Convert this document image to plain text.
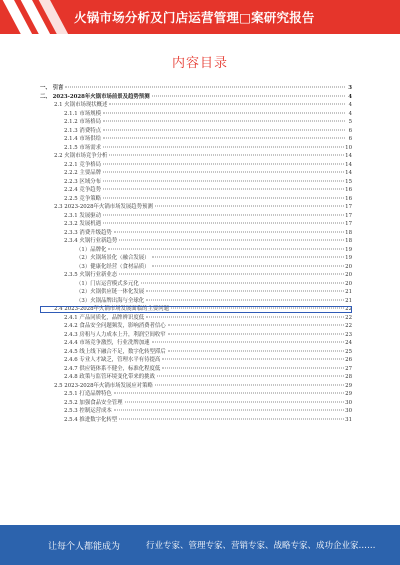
火锅市场分析及门店运营管理□案研究报告
内容目录
一、 引言	3
二、 2023-2028年火锅市场前景及趋势预测	4
2.1 火锅市场现状概述	4
2.1.1 市场规模	4
2.1.2 市场格局	5
2.1.3 消费特点	6
2.1.4 市场供给	6
2.1.5 市场需求	10
2.2 火锅市场竞争分析	14
2.2.1 竞争格局	14
2.2.2 主要品牌	14
2.2.3 区域分布	15
2.2.4 竞争趋势	16
2.2.5 竞争策略	16
2.3 2023-2028年火锅市场发展趋势预测	17
2.3.1 发展驱动	17
2.3.2 发展机遇	17
2.3.3 消费升级趋势	18
2.3.4 火锅行业新趋势	18
（1）品牌化	19
（2）火锅场景化（融合发展）	19
（3）健康化经营（食材品质）	20
2.3.5 火锅行业新业态	20
（1）门店运营模式多元化	20
（2）火锅供应链一体化发展	21
（3）火锅品牌出海与全球化	21
2.4 2023-2028年火锅市场发展面临的主要问题	22
2.4.1 产品同质化，品牌辨识度低	22
2.4.2 食品安全问题频发，影响消费者信心	22
2.4.3 房租与人力成本上升，利润空间收窄	23
2.4.4 市场竞争激烈，行业洗牌加速	24
2.4.5 线上线下融合不足，数字化转型滞后	25
2.4.6 专业人才缺乏，管理水平有待提高	26
2.4.7 供应链体系不健全，标准化程度低	27
2.4.8 政策与监管环境变化带来的挑战	28
2.5 2023-2028年火锅市场发展应对策略	29
2.5.1 打造品牌特色	29
2.5.2 加强食品安全管理	30
2.5.3 控制运营成本	30
2.5.4 推进数字化转型	31
让每个人都能成为	行业专家、管理专家、营销专家、战略专家、成功企业家……
